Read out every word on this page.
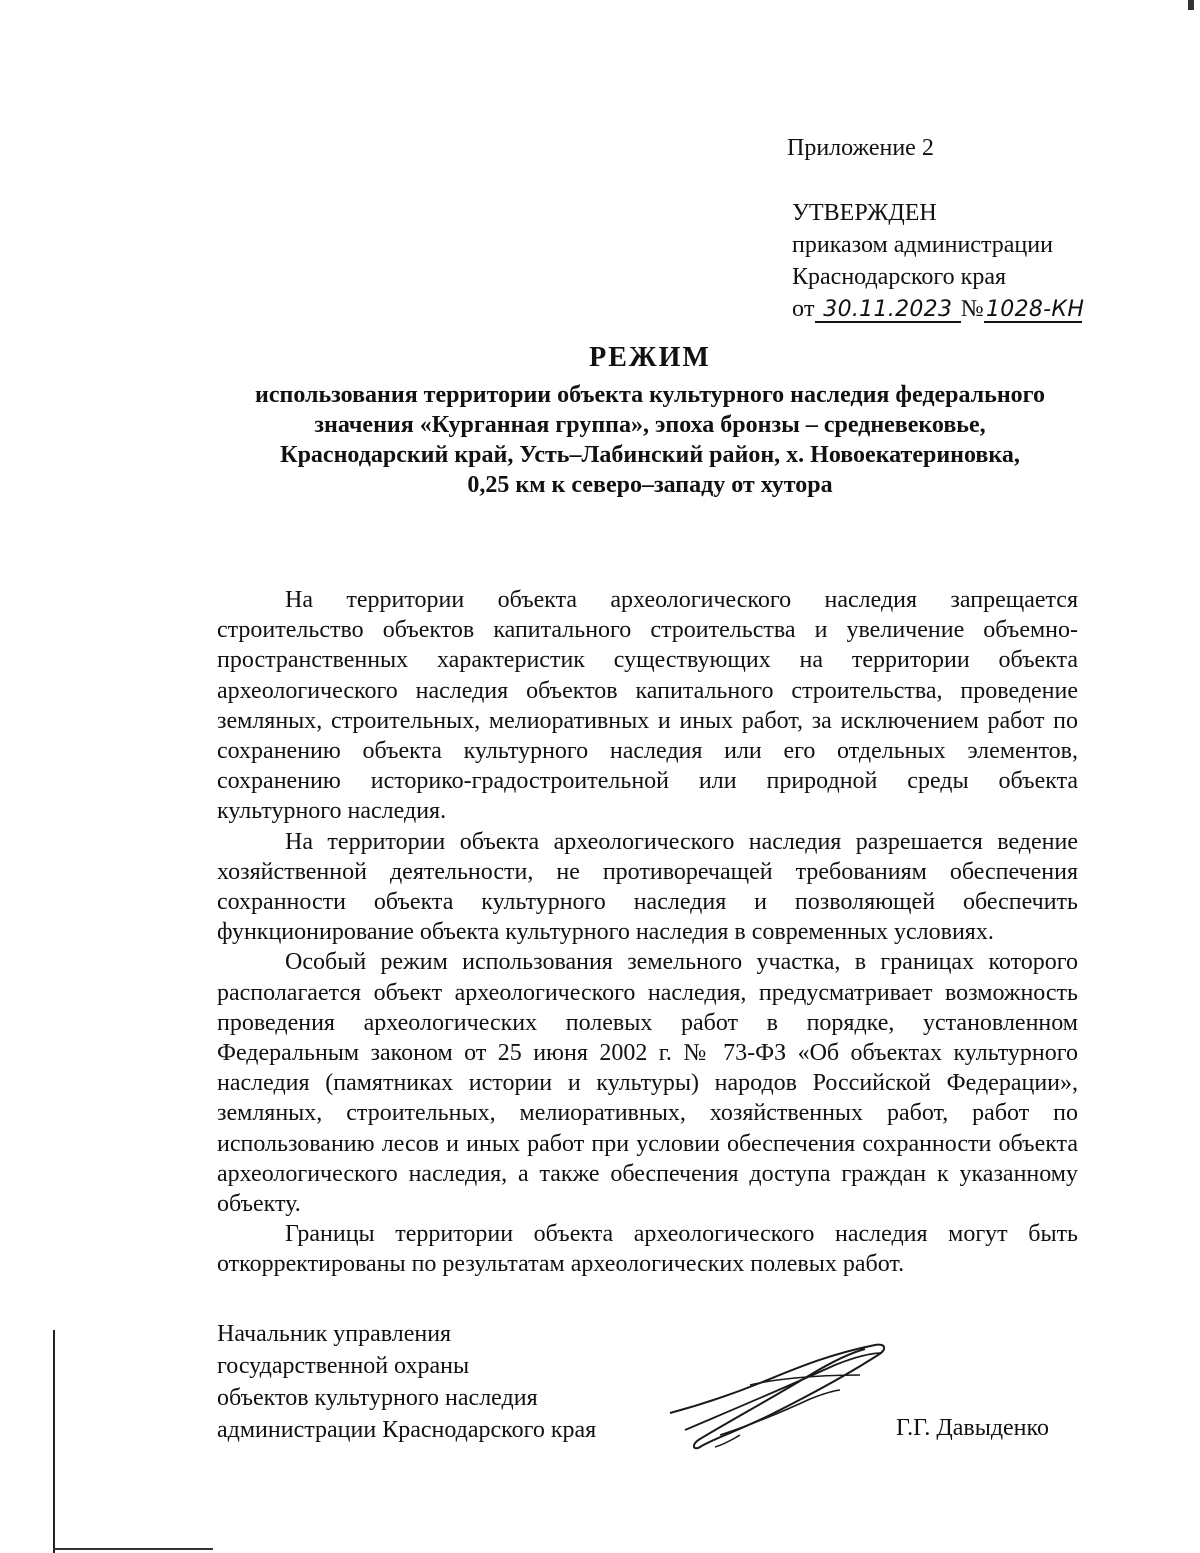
Приложение 2

УТВЕРЖДЕН
приказом администрации
Краснодарского края
от 30.11.2023 №1028-КН
РЕЖИМ

использования территории объекта культурного наследия федерального
значения «Курганная группа», эпоха бронзы – средневековье,
Краснодарский край, Усть–Лабинский район, х. Новоекатериновка,
0,25 км к северо–западу от хутора

На территории объекта археологического наследия запрещается строительство объектов капитального строительства и увеличение объемно-пространственных характеристик существующих на территории объекта археологического наследия объектов капитального строительства, проведение земляных, строительных, мелиоративных и иных работ, за исключением работ по сохранению объекта культурного наследия или его отдельных элементов, сохранению историко-градостроительной или природной среды объекта культурного наследия.

На территории объекта археологического наследия разрешается ведение хозяйственной деятельности, не противоречащей требованиям обеспечения сохранности объекта культурного наследия и позволяющей обеспечить функционирование объекта культурного наследия в современных условиях.

Особый режим использования земельного участка, в границах которого располагается объект археологического наследия, предусматривает возможность проведения археологических полевых работ в порядке, установленном Федеральным законом от 25 июня 2002 г. № 73-ФЗ «Об объектах культурного наследия (памятниках истории и культуры) народов Российской Федерации», земляных, строительных, мелиоративных, хозяйственных работ, работ по использованию лесов и иных работ при условии обеспечения сохранности объекта археологического наследия, а также обеспечения доступа граждан к указанному объекту.

Границы территории объекта археологического наследия могут быть откорректированы по результатам археологических полевых работ.

Начальник управления
государственной охраны
объектов культурного наследия
администрации Краснодарского края	Г.Г. Давыденко
